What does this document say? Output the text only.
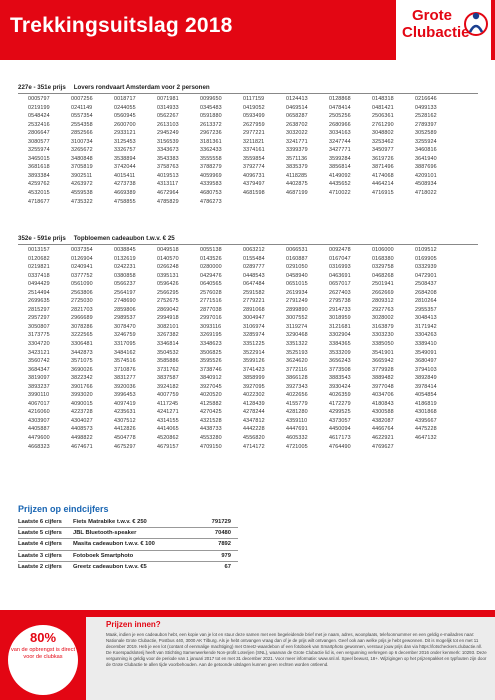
Trekkingsuitslag 2018	Grote
Clubactie
227e - 351e prijs Lovers rondvaart Amsterdam voor 2 personen
0005797	0007256	0018717	0071981	0099650	0117159	0124413	0128868	0148318	0216646
0219199	0241149	0244055	0314933	0345483	0419052	0469514	0478414	0481421	0499133
0548424	0557354	0560945	0562267	0591880	0593499	0658287	2505256	2506361	2528162
2532416	2554358	2600700	2613103	2613372	2627959	2638702	2680966	2761290	2789397
2806647	2852566	2933121	2945249	2967236	2977221	3032022	3034163	3048802	3052589
3080577	3100734	3125453	3156539	3181361	3211821	3241771	3247744	3253462	3255924
3255974	3265672	3326757	3343673	3362433	3374161	3399379	3427771	3450977	3460816
3465015	3480848	3538894	3543383	3555558	3559854	3571136	3599284	3619726	3641940
3681618	3705819	3742044	3758763	3788279	3792774	3835379	3856814	3871496	3887696
3893384	3902511	4015411	4019513	4059969	4096731	4118285	4149092	4174068	4209101
4259762	4263972	4273738	4313117	4339583	4379497	4402875	4435652	4464214	4508934
4532015	4559538	4669389	4672964	4680753	4681598	4687199	4710022	4716915	4718022
4718677	4735322	4758855	4785829	4786273
352e - 591e prijs Topbloemen cadeaubon t.w.v. € 25
0013157	0037354	0038845	0049518	0055138	0063212	0066531	0092478	0106000	0109512
0120682	0126904	0132619	0140570	0143526	0155484	0160887	0167047	0168380	0169905
0219821	0240941	0242231	0266248	0280000	0289777	0291050	0316993	0329758	0332939
0337418	0377752	0380858	0395131	0429476	0448543	0458940	0463691	0468268	0472901
0494429	0561090	0566237	0596426	0640565	0647484	0651015	0657017	2501941	2508437
2514494	2563806	2564197	2566295	2576028	2591582	2619934	2627403	2662669	2684208
2699635	2725030	2748690	2752675	2771516	2779221	2791249	2795738	2809312	2810264
2815297	2821703	2859806	2869042	2877038	2891068	2899890	2914733	2927763	2955357
2957297	2966689	2989537	2994918	2997016	3004947	3007552	3018959	3028002	3048413
3050807	3078286	3078470	3082101	3093116	3106974	3119274	3121681	3163879	3171942
3173775	3222565	3246759	3267382	3269195	3285974	3290468	3302904	3303230	3304263
3304720	3306481	3317095	3346814	3348623	3351225	3351322	3384365	3385050	3389410
3423121	3442873	3484162	3504532	3506825	3522914	3525193	3533209	3541901	3549091
3560742	3571075	3574516	3585886	3595526	3599126	3624620	3656243	3665942	3680497
3684347	3690026	3710876	3731762	3738746	3741423	3772116	3773508	3779928	3794103
3819097	3822342	3831277	3837587	3840912	3858999	3866128	3883543	3889482	3892849
3893237	3901766	3920036	3924182	3927045	3927095	3927343	3930424	3977048	3978414
3990110	3993020	3996453	4007759	4020520	4022302	4022656	4026359	4034706	4054854
4067017	4090015	4097419	4117245	4125882	4128439	4155779	4172279	4180843	4186819
4216060	4223728	4235631	4241271	4270425	4278244	4281280	4299525	4300588	4301868
4303907	4304027	4307512	4314155	4321528	4347812	4359110	4373057	4382087	4395667
4405887	4408573	4412826	4414065	4438733	4442228	4447691	4450094	4466764	4475228
4479600	4498822	4504778	4520862	4553280	4556820	4605332	4617173	4622921	4647132
4668323	4674671	4675297	4679157	4709150	4714172	4721005	4764490	4769627
Prijzen op eindcijfers
Laatste 6 cijfers	Fiets Matrabike t.w.v. € 250	791729
Laatste 5 cijfers	JBL Bluetooth-speaker	70480
Laatste 4 cijfers	Masita cadeaubon t.w.v. € 100	7892
Laatste 3 cijfers	Fotoboek Smartphoto	979
Laatste 2 cijfers	Greetz cadeaubon t.w.v. €5	67
80%
van de opbrengst is direct voor de clubkas
Prijzen innen?
Maak, indien je een cadeaubon hebt, een kopie van je lot en stuur deze samen met een begeleidende brief met je naam, adres, woonplaats, telefoonnummer en een geldig e-mailadres naar: Nationale Grote Clubactie, Postbus 440, 3000 AK Tilburg. Als je hebt ontvangen vraag dan of je de prijs wilt ontvangen. Geef ook aan welke prijs je hebt gewonnen. Dit is mogelijk tot en met 11 december 2019. Heb je een lot (contant of eenmalige machtiging) met Greetz-waardebon of een fotoboek van Smartphoto gewonnen, verstuur jouw prijs dan via https://lotscheckers.clubactie.nl/. De Koerspadsloterij heeft van Stichting Samenwerkende Non-profit Loterijen (SNL), waarvan de Grote Clubactie lid is, een vergunning verkregen op 6 december 2016 onder kenmerk: 10293. Deze vergunning is geldig voor de periode van 1 januari 2017 tot en met 31 december 2021. Voor meer informatie: www.snl.nl. Speel bewust, 18+. Wijzigingen op het prijzenpakket en typfouten zijn door de Grote Clubactie te allen tijde voorbehouden. Aan de getoonde uitslagen kunnen geen rechten worden ontleend.
